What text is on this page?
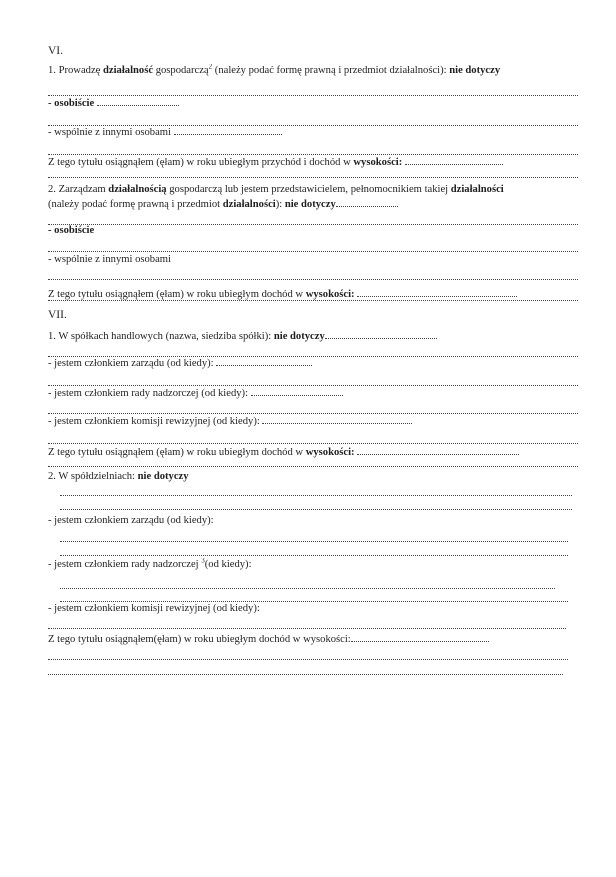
VI.
1. Prowadzę działalność gospodarczą$^2$ (należy podać formę prawną i przedmiot działalności): nie dotyczy
- osobiście
- wspólnie z innymi osobami
Z tego tytułu osiągnąłem (ęłam) w roku ubiegłym przychód i dochód w wysokości:
2. Zarządzam działalnością gospodarczą lub jestem przedstawicielem, pełnomocnikiem takiej działalności
(należy podać formę prawną i przedmiot działalności): nie dotyczy
- osobiście
- wspólnie z innymi osobami
Z tego tytułu osiągnąłem (ęłam) w roku ubiegłym dochód w wysokości:
VII.
1. W spółkach handlowych (nazwa, siedziba spółki): nie dotyczy
- jestem członkiem zarządu (od kiedy):
- jestem członkiem rady nadzorczej (od kiedy):
- jestem członkiem komisji rewizyjnej (od kiedy):
Z tego tytułu osiągnąłem (ęłam) w roku ubiegłym dochód w wysokości:
2. W spółdzielniach: nie dotyczy
- jestem członkiem zarządu (od kiedy):
- jestem członkiem rady nadzorczej $^3$(od kiedy):
- jestem członkiem komisji rewizyjnej (od kiedy):
Z tego tytułu osiągnąłem(ęłam) w roku ubiegłym dochód w wysokości:
